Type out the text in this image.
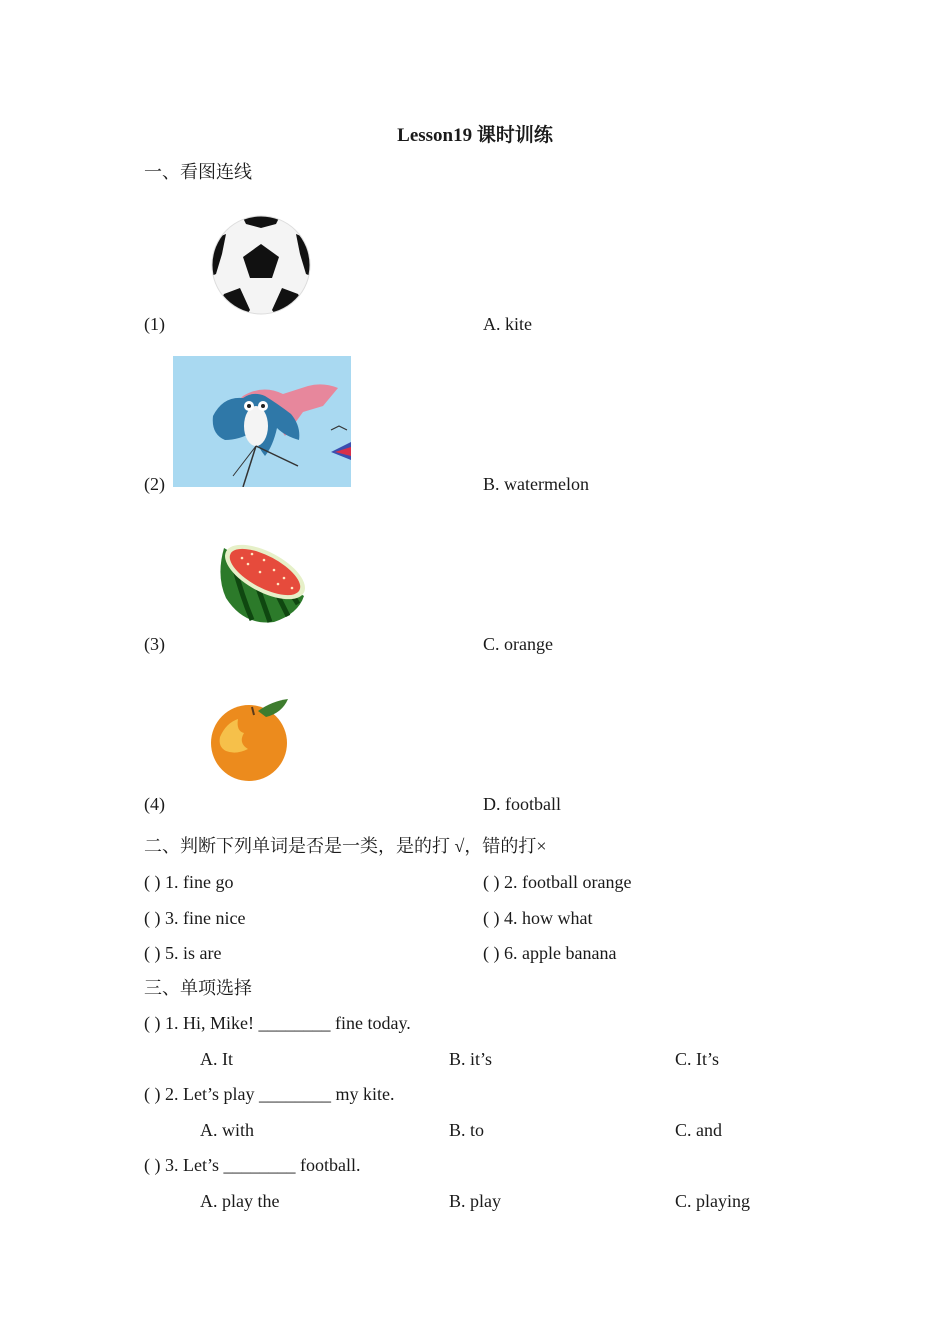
Lesson19 课时训练
一、看图连线
(1)	A. kite
(2)	B. watermelon
(3)	C. orange
(4)	D. football
二、判断下列单词是否是一类，是的打 √，错的打×
( ) 1. fine go	( ) 2. football orange
( ) 3. fine nice	( ) 4. how what
( ) 5. is are	( ) 6. apple banana
三、单项选择
( ) 1. Hi, Mike! ________ fine today.
A. It	B. it’s	C. It’s
( ) 2. Let’s play ________ my kite.
A. with	B. to	C. and
( ) 3. Let’s ________ football.
A. play the	B. play	C. playing
